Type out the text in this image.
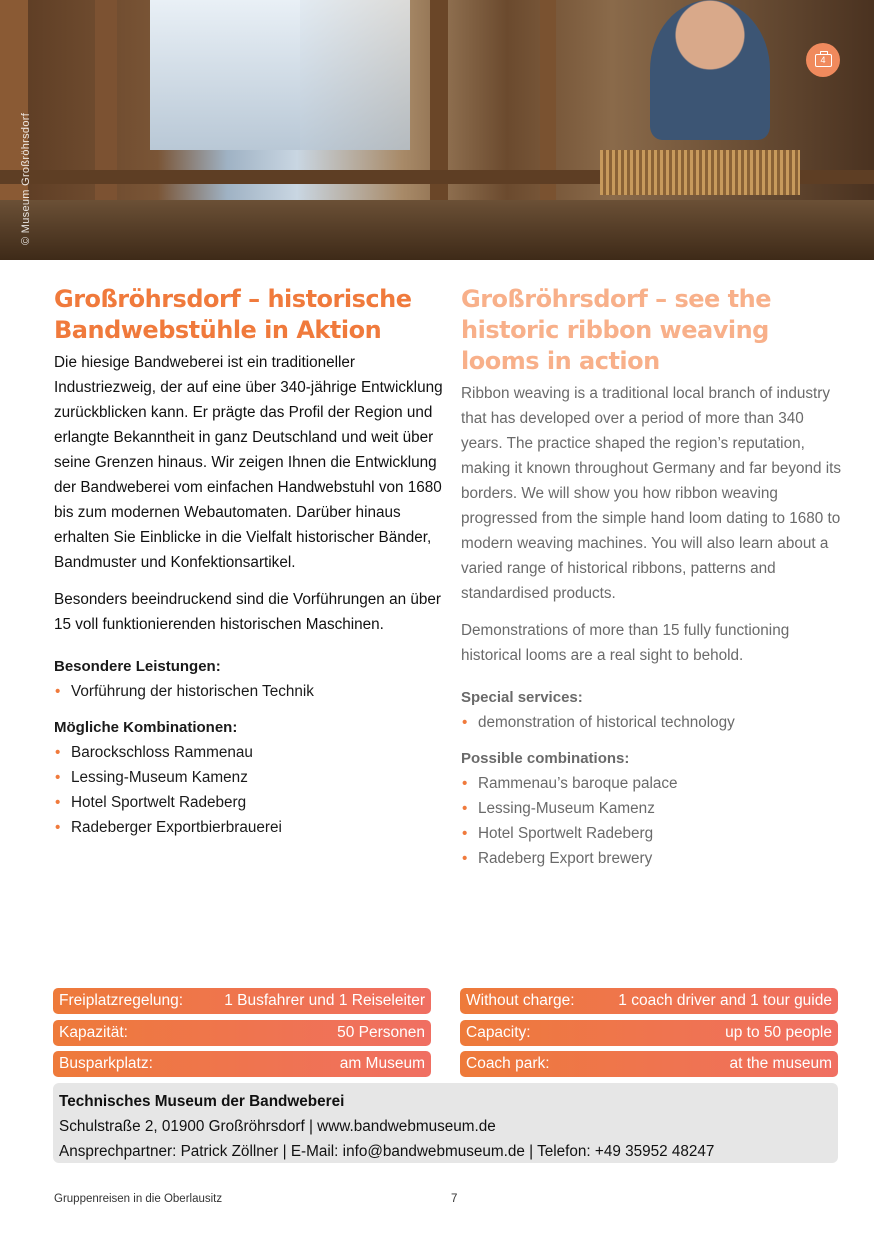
© Museum Großröhrsdorf
4
Großröhrsdorf – historische Bandwebstühle in Aktion

Die hiesige Bandweberei ist ein traditioneller Industriezweig, der auf eine über 340-jährige Entwicklung zurückblicken kann. Er prägte das Profil der Region und erlangte Bekanntheit in ganz Deutschland und weit über seine Grenzen hinaus. Wir zeigen Ihnen die Entwicklung der Bandweberei vom einfachen Handwebstuhl von 1680 bis zum modernen Webautomaten. Darüber hinaus erhalten Sie Einblicke in die Vielfalt historischer Bänder, Bandmuster und Konfektionsartikel.

Besonders beeindruckend sind die Vorführungen an über 15 voll funktionierenden historischen Maschinen.

Besondere Leistungen:
• Vorführung der historischen Technik
Mögliche Kombinationen:
• Barockschloss Rammenau
• Lessing-Museum Kamenz
• Hotel Sportwelt Radeberg
• Radeberger Exportbierbrauerei
Großröhrsdorf – see the historic ribbon weaving looms in action

Ribbon weaving is a traditional local branch of industry that has developed over a period of more than 340 years. The practice shaped the region’s reputation, making it known throughout Germany and far beyond its borders. We will show you how ribbon weaving progressed from the simple hand loom dating to 1680 to modern weaving machines. You will also learn about a varied range of historical ribbons, patterns and standardised products.

Demonstrations of more than 15 fully functioning historical looms are a real sight to behold.

Special services:
• demonstration of historical technology
Possible combinations:
• Rammenau’s baroque palace
• Lessing-Museum Kamenz
• Hotel Sportwelt Radeberg
• Radeberg Export brewery
Freiplatzregelung:	1 Busfahrer und 1 Reiseleiter
Kapazität:	50 Personen
Busparkplatz:	am Museum
Without charge:	1 coach driver and 1 tour guide
Capacity:	up to 50 people
Coach park:	at the museum
Technisches Museum der Bandweberei
Schulstraße 2, 01900 Großröhrsdorf | www.bandwebmuseum.de
Ansprechpartner: Patrick Zöllner | E-Mail: info@bandwebmuseum.de | Telefon: +49 35952 48247
Gruppenreisen in die Oberlausitz	7
